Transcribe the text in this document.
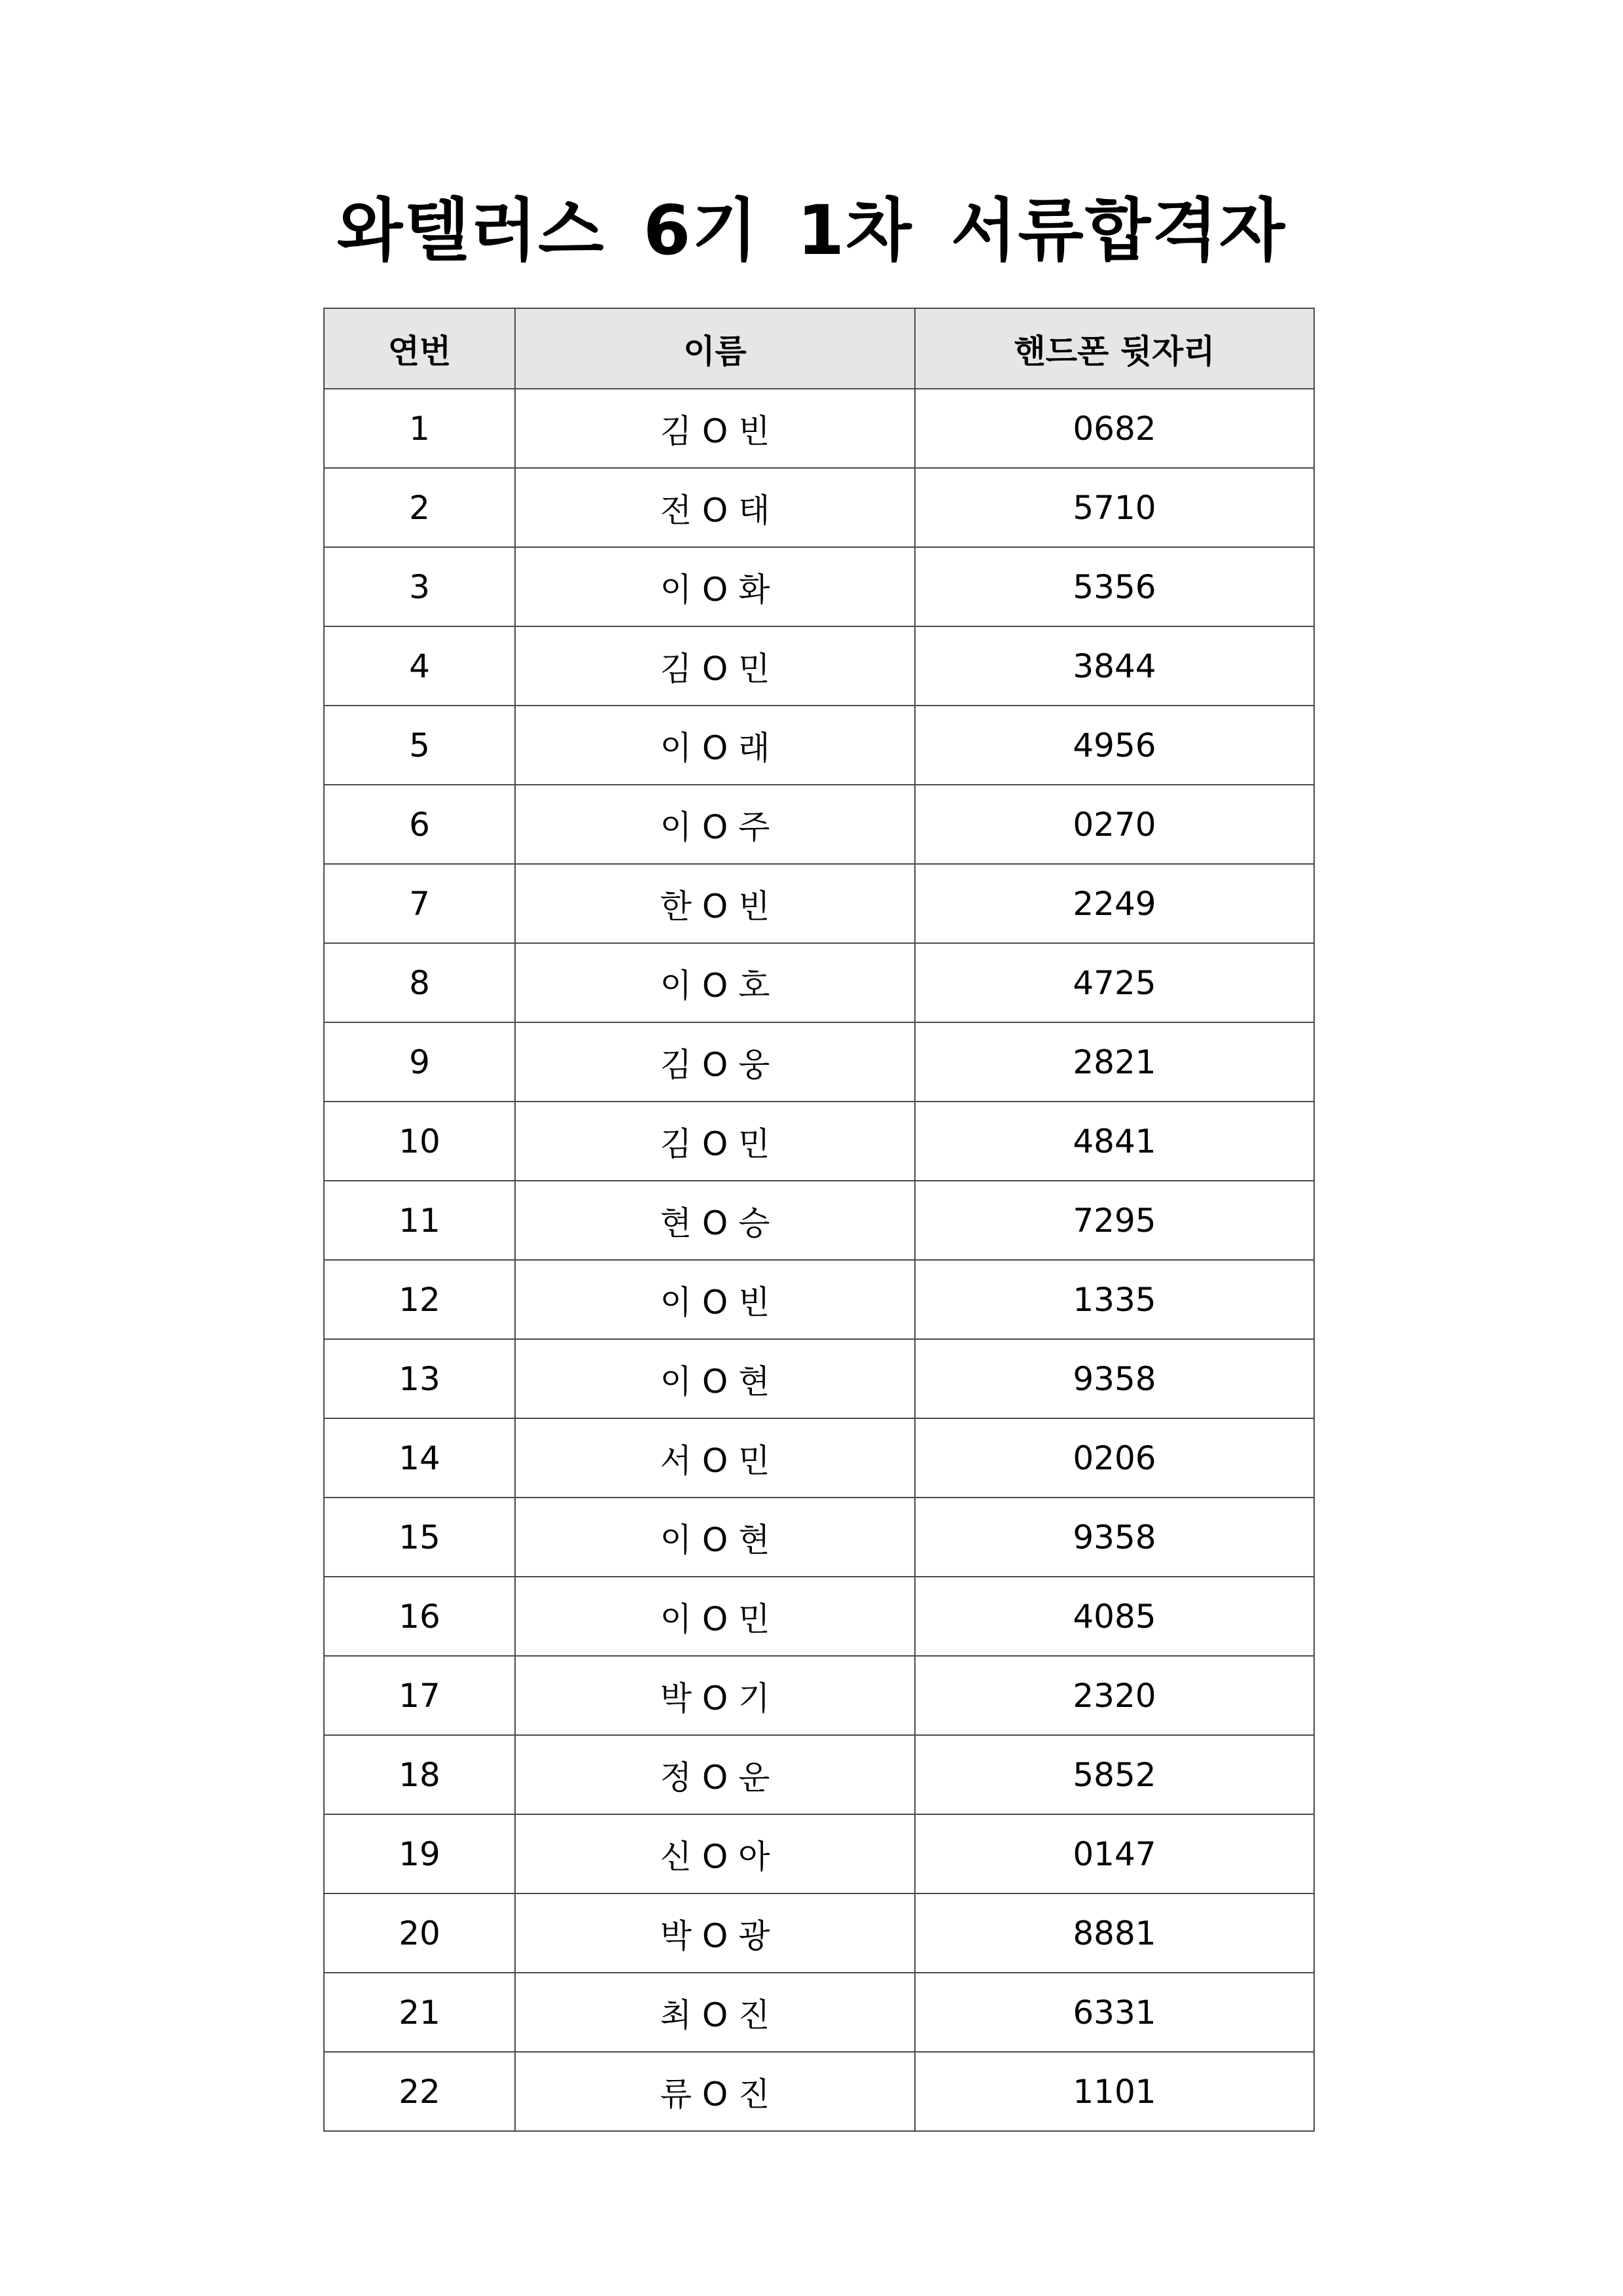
와텔러스 6기 1차 서류합격자
연번	이름	핸드폰 뒷자리
1	김 O 빈	0682
2	전 O 태	5710
3	이 O 화	5356
4	김 O 민	3844
5	이 O 래	4956
6	이 O 주	0270
7	한 O 빈	2249
8	이 O 호	4725
9	김 O 웅	2821
10	김 O 민	4841
11	현 O 승	7295
12	이 O 빈	1335
13	이 O 현	9358
14	서 O 민	0206
15	이 O 현	9358
16	이 O 민	4085
17	박 O 기	2320
18	정 O 운	5852
19	신 O 아	0147
20	박 O 광	8881
21	최 O 진	6331
22	류 O 진	1101
